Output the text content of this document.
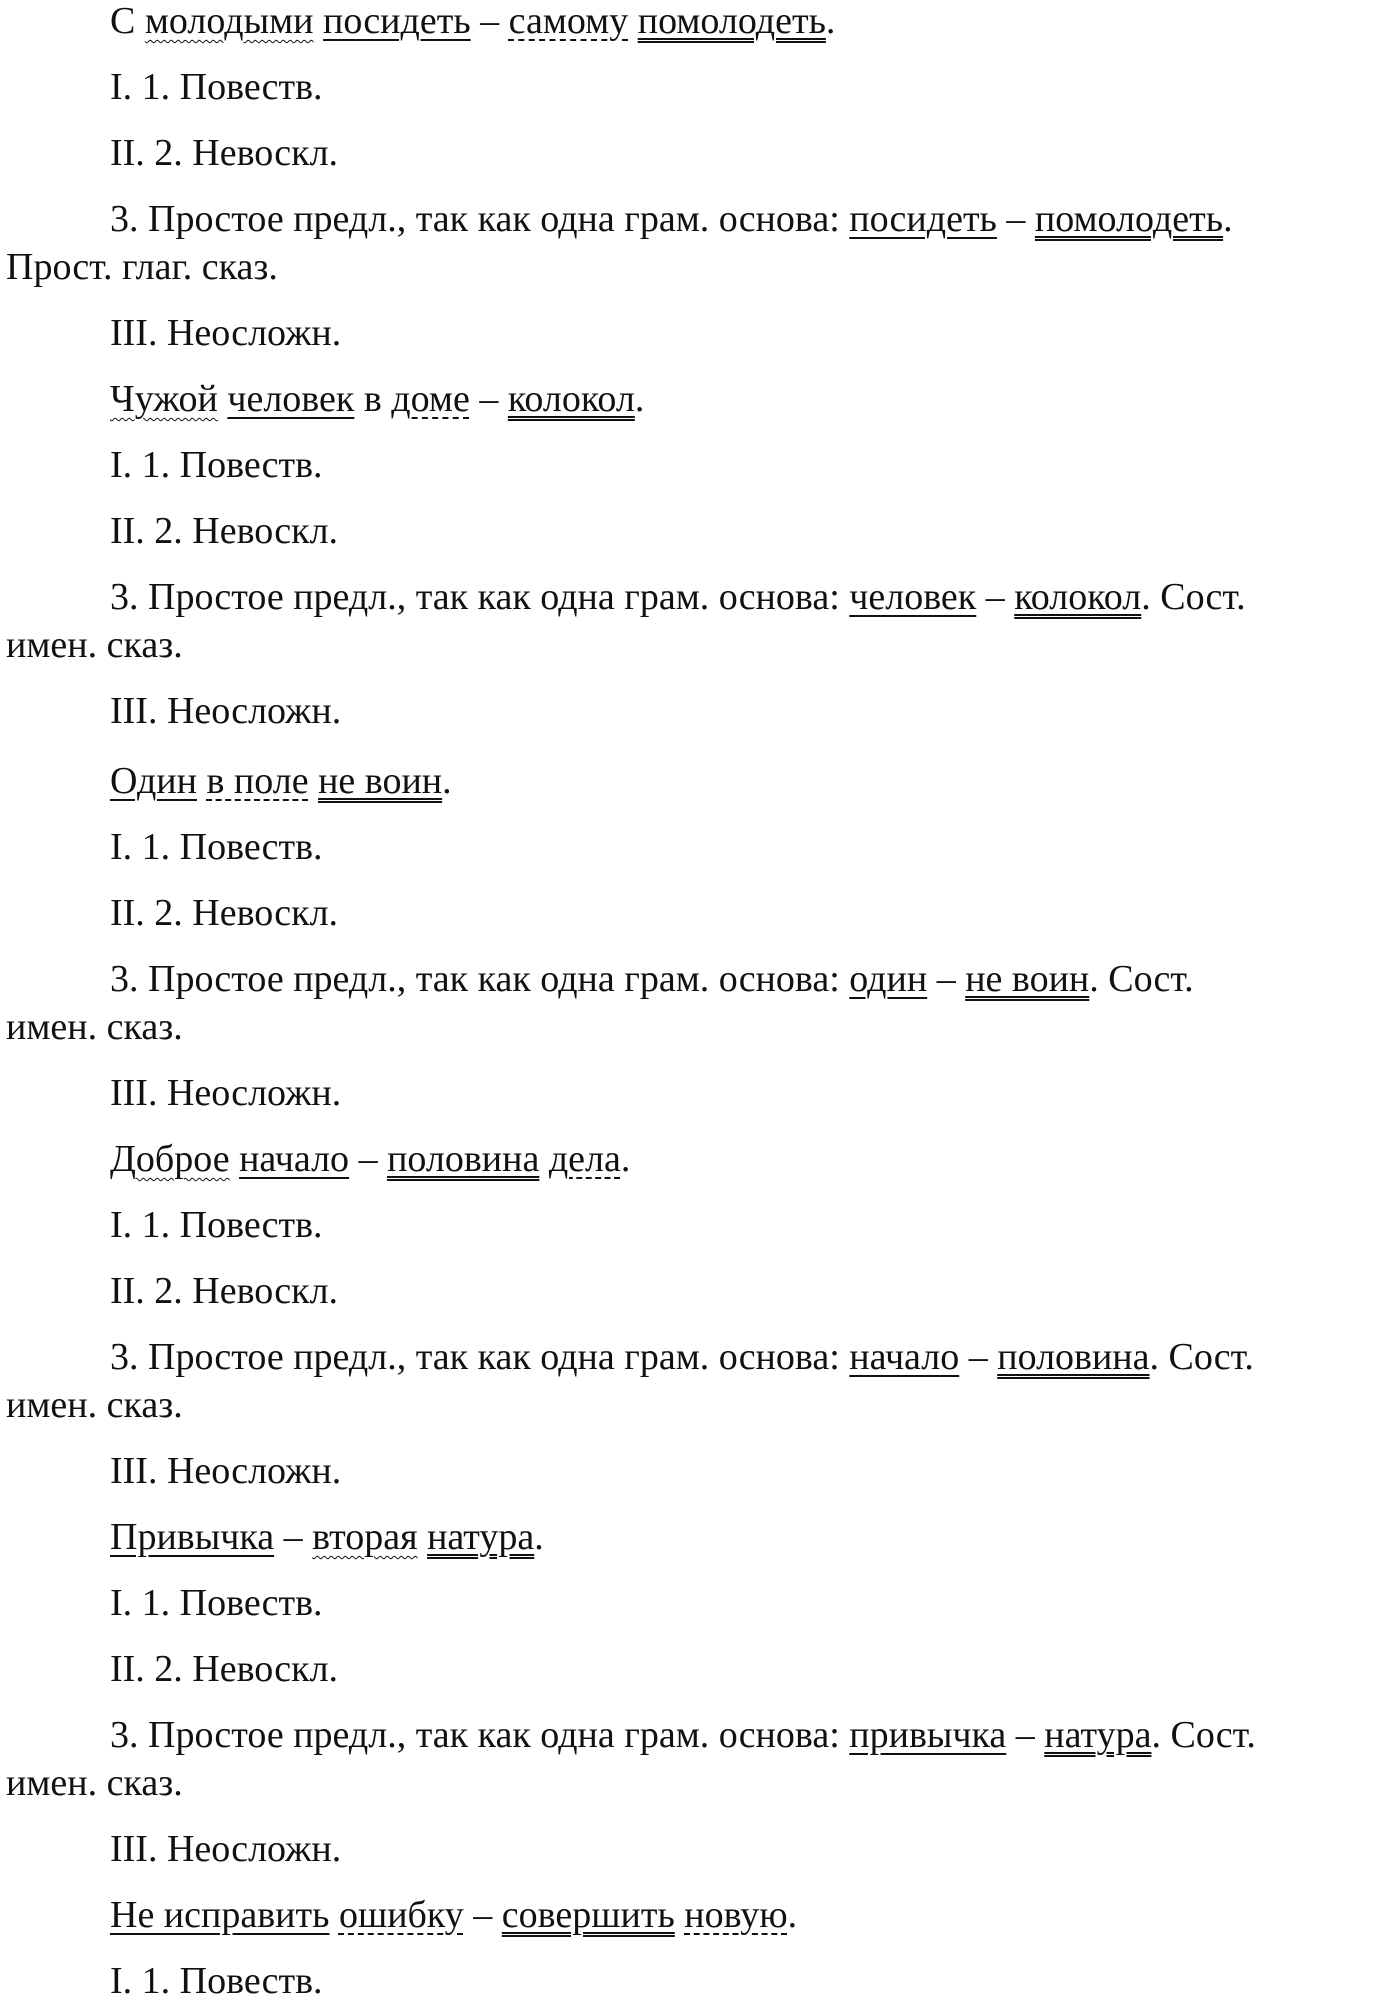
С молодыми посидеть – самому помолодеть.
I. 1. Повеств.
II. 2. Невоскл.
3. Простое предл., так как одна грам. основа: посидеть – помолодеть.
Прост. глаг. сказ.
III. Неосложн.
Чужой человек в доме – колокол.
I. 1. Повеств.
II. 2. Невоскл.
3. Простое предл., так как одна грам. основа: человек – колокол. Сост.
имен. сказ.
III. Неосложн.
Один в поле не воин.
I. 1. Повеств.
II. 2. Невоскл.
3. Простое предл., так как одна грам. основа: один – не воин. Сост.
имен. сказ.
III. Неосложн.
Доброе начало – половина дела.
I. 1. Повеств.
II. 2. Невоскл.
3. Простое предл., так как одна грам. основа: начало – половина. Сост.
имен. сказ.
III. Неосложн.
Привычка – вторая натура.
I. 1. Повеств.
II. 2. Невоскл.
3. Простое предл., так как одна грам. основа: привычка – натура. Сост.
имен. сказ.
III. Неосложн.
Не исправить ошибку – совершить новую.
I. 1. Повеств.
